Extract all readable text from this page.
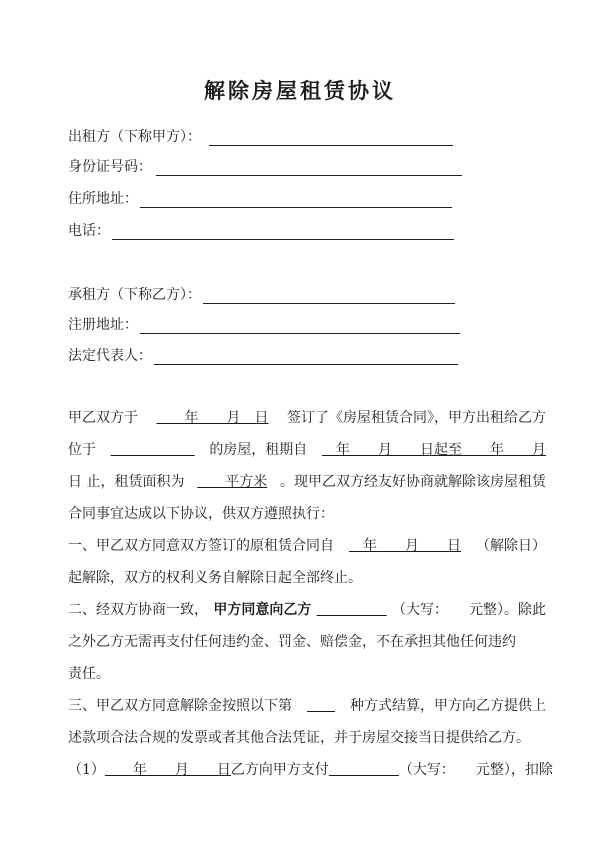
解除房屋租赁协议
出租方（下称甲方）：
身份证号码：
住所地址：
电话：
承租方（下称乙方）：
注册地址：
法定代表人：
甲乙双方于 　　年　　月　日 签订了《房屋租赁合同》，甲方出租给乙方
位于
　　　　　　	的房屋，租期自 　年　　月　　日起至　　年　　月
日 止，租赁面积为 　　平方米 。现甲乙双方经友好协商就解除该房屋租赁
合同事宜达成以下协议，供双方遵照执行：
一、甲乙双方同意双方签订的原租赁合同自 　年　　月　　日 （解除日）
起解除，双方的权利义务自解除日起全部终止。
二、经双方协商一致， 甲方同意向乙方
　　　　　	（大写：　　元整）。除此
之外乙方无需再支付任何违约金、罚金、赔偿金，不在承担其他任何违约
责任。
三、甲乙双方同意解除金按照以下第
　　	种方式结算，甲方向乙方提供上
述款项合法合规的发票或者其他合法凭证，并于房屋交接当日提供给乙方。
（1） 　　年　　月　　日 乙方向甲方支付
　　　　　	（大写：　　元整），扣除
